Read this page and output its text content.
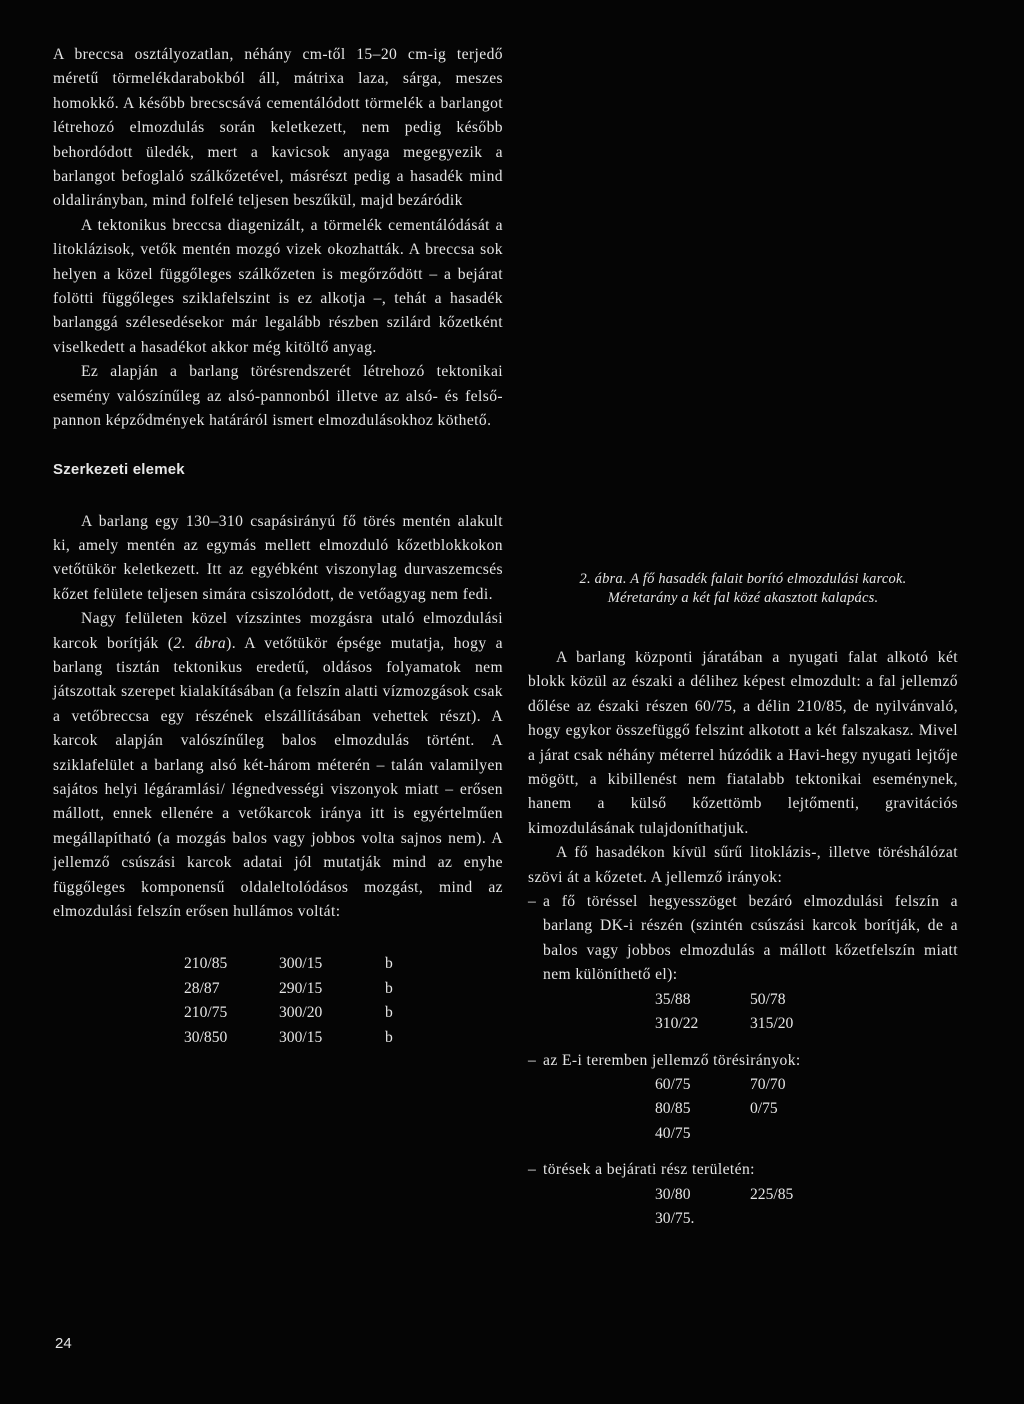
A breccsa osztályozatlan, néhány cm-től 15–20 cm-ig terjedő méretű törmelékdarabokból áll, mátrixa laza, sárga, meszes homokkő. A később brecscsává cementálódott törmelék a barlangot létrehozó elmozdulás során keletkezett, nem pedig később behordódott üledék, mert a kavicsok anyaga megegyezik a barlangot befoglaló szálkőzetével, másrészt pedig a hasadék mind oldalirányban, mind folfelé teljesen beszűkül, majd bezáródik

A tektonikus breccsa diagenizált, a törmelék cementálódását a litoklázisok, vetők mentén mozgó vizek okozhatták. A breccsa sok helyen a közel függőleges szálkőzeten is megőrződött – a bejárat folötti függőleges sziklafelszint is ez alkotja –, tehát a hasadék barlanggá szélesedésekor már legalább részben szilárd kőzetként viselkedett a hasadékot akkor még kitöltő anyag.

Ez alapján a barlang törésrendszerét létrehozó tektonikai esemény valószínűleg az alsó-pannonból illetve az alsó- és felső-pannon képződmények határáról ismert elmozdulásokhoz köthető.

Szerkezeti elemek

A barlang egy 130–310 csapásirányú fő törés mentén alakult ki, amely mentén az egymás mellett elmozduló kőzetblokkokon vetőtükör keletkezett. Itt az egyébként viszonylag durvaszemcsés kőzet felülete teljesen simára csiszolódott, de vetőagyag nem fedi.

Nagy felületen közel vízszintes mozgásra utaló elmozdulási karcok borítják (2. ábra). A vetőtükör épsége mutatja, hogy a barlang tisztán tektonikus eredetű, oldásos folyamatok nem játszottak szerepet kialakításában (a felszín alatti vízmozgások csak a vetőbreccsa egy részének elszállításában vehettek részt). A karcok alapján valószínűleg balos elmozdulás történt. A sziklafelület a barlang alsó két-három méterén – talán valamilyen sajátos helyi légáramlási/ légnedvességi viszonyok miatt – erősen mállott, ennek ellenére a vetőkarcok iránya itt is egyértelműen megállapítható (a mozgás balos vagy jobbos volta sajnos nem). A jellemző csúszási karcok adatai jól mutatják mind az enyhe függőleges komponensű oldaleltolódásos mozgást, mind az elmozdulási felszín erősen hullámos voltát:

210/85	300/15	b
28/87	290/15	b
210/75	300/20	b
30/850	300/15	b
2. ábra. A fő hasadék falait borító elmozdulási karcok.
Méretarány a két fal közé akasztott kalapács.

A barlang központi járatában a nyugati falat alkotó két blokk közül az északi a délihez képest elmozdult: a fal jellemző dőlése az északi részen 60/75, a délin 210/85, de nyilvánvaló, hogy egykor összefüggő felszint alkotott a két falszakasz. Mivel a járat csak néhány méterrel húzódik a Havi-hegy nyugati lejtője mögött, a kibillenést nem fiatalabb tektonikai eseménynek, hanem a külső kőzettömb lejtőmenti, gravitációs kimozdulásának tulajdoníthatjuk.

A fő hasadékon kívül sűrű litoklázis-, illetve töréshálózat szövi át a kőzetet. A jellemző irányok:

– a fő töréssel hegyesszöget bezáró elmozdulási felszín a barlang DK-i részén (szintén csúszási karcok borítják, de a balos vagy jobbos elmozdulás a mállott kőzetfelszín miatt nem különíthető el):

35/88	50/78
310/22	315/20

– az E-i teremben jellemző törésirányok:

60/75	70/70
80/85	0/75
40/75	

– törések a bejárati rész területén:

30/80	225/85
30/75.	
24
